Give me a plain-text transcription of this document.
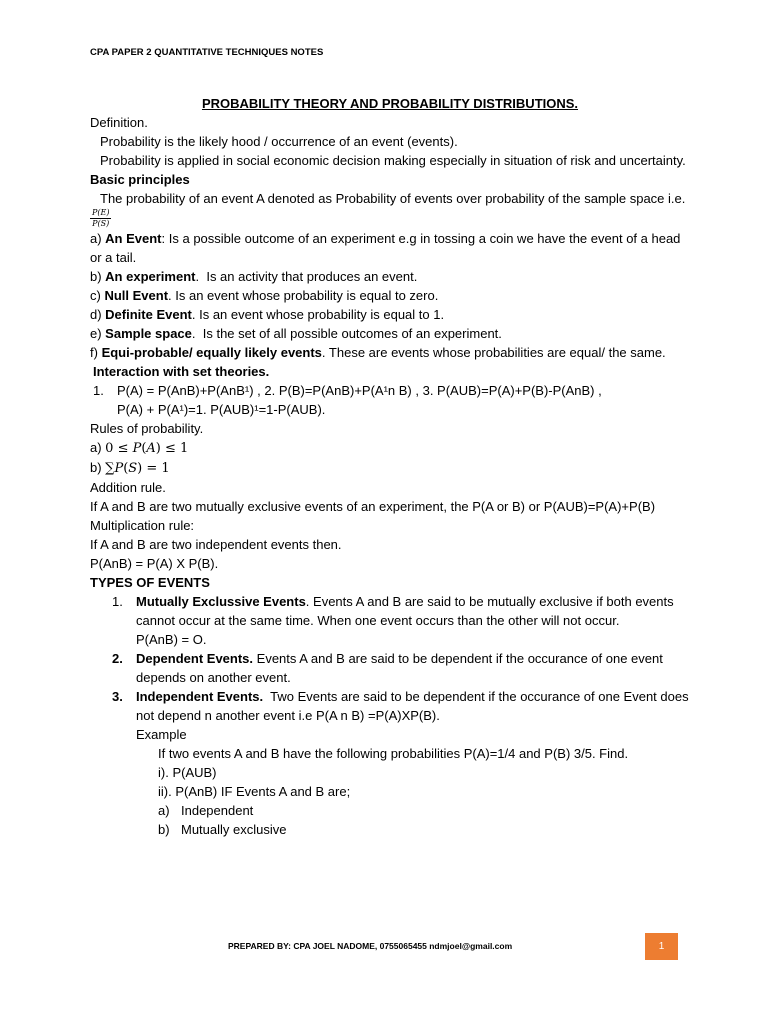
CPA PAPER 2 QUANTITATIVE TECHNIQUES NOTES
PROBABILITY THEORY AND PROBABILITY DISTRIBUTIONS.
Definition.
Probability is the likely hood / occurrence of an event (events).
Probability is applied in social economic decision making especially in situation of risk and uncertainty.
Basic principles
The probability of an event A denoted as Probability of events over probability of the sample space i.e.
$\frac{P(E)}{P(S)}$
a) An Event: Is a possible outcome of an experiment e.g in tossing a coin we have the event of a head or a tail.
b) An experiment.  Is an activity that produces an event.
c) Null Event. Is an event whose probability is equal to zero.
d) Definite Event. Is an event whose probability is equal to 1.
e) Sample space.  Is the set of all possible outcomes of an experiment.
f) Equi-probable/ equally likely events. These are events whose probabilities are equal/ the same.
Interaction with set theories.
1. P(A) = P(AnB)+P(AnB¹) , 2. P(B)=P(AnB)+P(A¹n B) , 3. P(AUB)=P(A)+P(B)-P(AnB) ,
P(A) + P(A¹)=1. P(AUB)¹=1-P(AUB).
Rules of probability.
a) 0 ≤ 𝑃(𝐴) ≤ 1
b) ∑𝑃(𝑆) = 1
Addition rule.
If A and B are two mutually exclusive events of an experiment, the P(A or B) or P(AUB)=P(A)+P(B)
Multiplication rule:
If A and B are two independent events then.
P(AnB) = P(A) X P(B).
TYPES OF EVENTS
1. Mutually Exclussive Events. Events A and B are said to be mutually exclusive if both events cannot occur at the same time. When one event occurs than the other will not occur.
P(AnB) = O.
2. Dependent Events. Events A and B are said to be dependent if the occurance of one event depends on another event.
3. Independent Events. Two Events are said to be dependent if the occurance of one Event does not depend n another event i.e P(A n B) =P(A)XP(B).
Example
If two events A and B have the following probabilities P(A)=1/4 and P(B) 3/5. Find.
i). P(AUB)
ii). P(AnB) IF Events A and B are;
a) Independent
b) Mutually exclusive
PREPARED BY: CPA JOEL NADOME, 0755065455 ndmjoel@gmail.com	1
